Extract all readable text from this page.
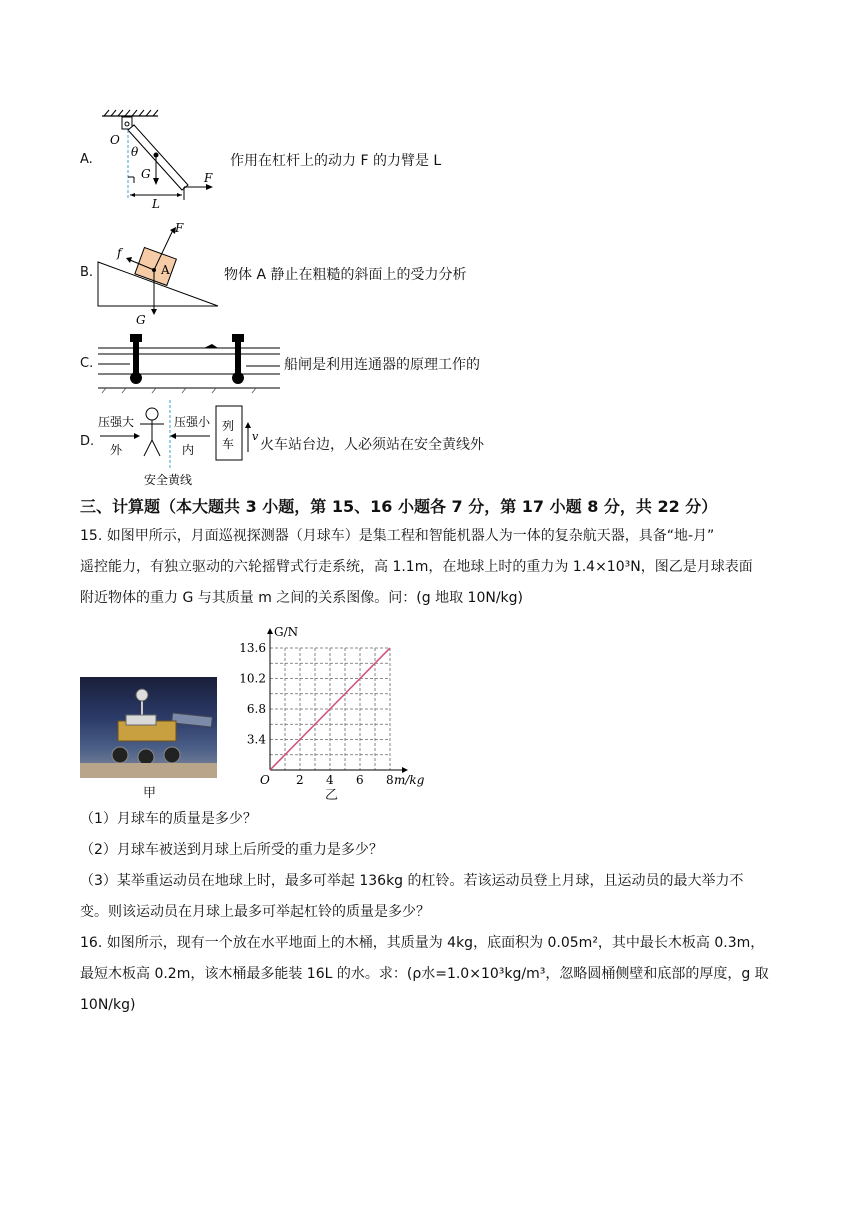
A.
O
θ
G	F
L
作用在杠杆上的动力 F 的力臂是 L
B.
F
f
A
G
物体 A 静止在粗糙的斜面上的受力分析
C.	船闸是利用连通器的原理工作的
D.
压强大
外
压强小
内
列
车
v
安全黄线
火车站台边，人必须站在安全黄线外
三、计算题（本大题共 3 小题，第 15、16 小题各 7 分，第 17 小题 8 分，共 22 分）
15. 如图甲所示，月面巡视探测器（月球车）是集工程和智能机器人为一体的复杂航天器，具备“地-月”
遥控能力，有独立驱动的六轮摇臂式行走系统，高 1.1m，在地球上时的重力为 1.4×10³N，图乙是月球表面
附近物体的重力 G 与其质量 m 之间的关系图像。问：(g 地取 10N/kg)
甲
2 4 6 8
3.4
6.8
10.2
13.6
G/N
m/kg
O
乙
（1）月球车的质量是多少？
（2）月球车被送到月球上后所受的重力是多少？
（3）某举重运动员在地球上时，最多可举起 136kg 的杠铃。若该运动员登上月球，且运动员的最大举力不
变。则该运动员在月球上最多可举起杠铃的质量是多少？
16. 如图所示，现有一个放在水平地面上的木桶，其质量为 4kg，底面积为 0.05m²，其中最长木板高 0.3m，
最短木板高 0.2m，该木桶最多能装 16L 的水。求：(ρ水=1.0×10³kg/m³，忽略圆桶侧壁和底部的厚度，g 取 10N/kg)
